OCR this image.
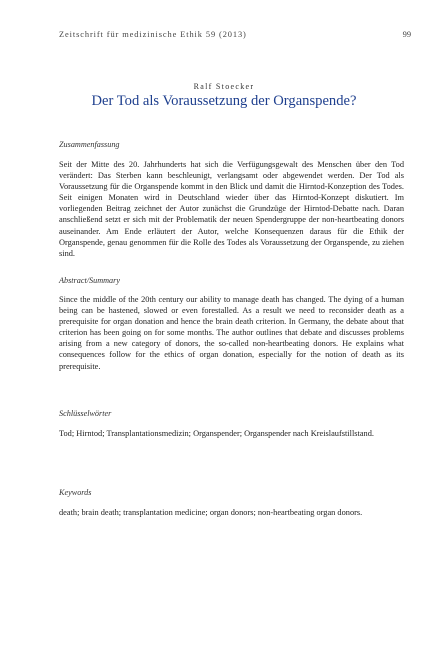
Zeitschrift für medizinische Ethik 59 (2013)	99
Ralf Stoecker
Der Tod als Voraussetzung der Organspende?
Zusammenfassung
Seit der Mitte des 20. Jahrhunderts hat sich die Verfügungsgewalt des Menschen über den Tod verändert: Das Sterben kann beschleunigt, verlangsamt oder abgewendet werden. Der Tod als Voraussetzung für die Organspende kommt in den Blick und damit die Hirntod-Konzeption des Todes. Seit einigen Monaten wird in Deutschland wieder über das Hirntod-Konzept diskutiert. Im vorliegenden Beitrag zeichnet der Autor zunächst die Grundzüge der Hirntod-Debatte nach. Daran anschließend setzt er sich mit der Problematik der neuen Spendergruppe der non-heartbeating donors auseinander. Am Ende erläutert der Autor, welche Konsequenzen daraus für die Ethik der Organspende, genau genommen für die Rolle des Todes als Voraussetzung der Organspende, zu ziehen sind.
Abstract/Summary
Since the middle of the 20th century our ability to manage death has changed. The dying of a human being can be hastened, slowed or even forestalled. As a result we need to reconsider death as a prerequisite for organ donation and hence the brain death criterion. In Germany, the debate about that criterion has been going on for some months. The author outlines that debate and discusses problems arising from a new category of donors, the so-called non-heartbeating donors. He explains what consequences follow for the ethics of organ donation, especially for the notion of death as its prerequisite.
Schlüsselwörter
Tod; Hirntod; Transplantationsmedizin; Organspender; Organspender nach Kreislaufstillstand.
Keywords
death; brain death; transplantation medicine; organ donors; non-heartbeating organ donors.
